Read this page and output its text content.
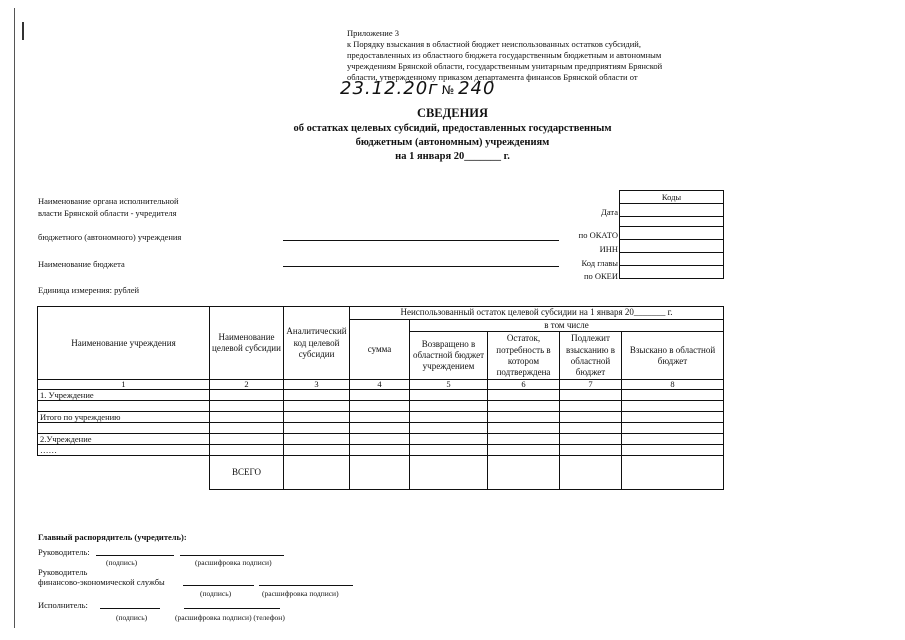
Приложение 3
к Порядку взыскания в областной бюджет неиспользованных остатков субсидий,
предоставленных из областного бюджета государственным бюджетным и автономным
учреждениям Брянской области, государственным унитарным предприятиям Брянской
области, утвержденному приказом департамента финансов Брянской области от
23.12.20г № 240
СВЕДЕНИЯ
об остатках целевых субсидий, предоставленных государственным
бюджетным (автономным) учреждениям
на 1 января 20_______ г.
Наименование органа исполнительной
власти Брянской области - учредителя
бюджетного (автономного) учреждения
Наименование бюджета
Единица измерения: рублей
Дата
по ОКАТО
ИНН
Код главы
по ОКЕИ
Коды

Наименование учреждения	Наименование целевой субсидии	Аналитический код целевой субсидии	Неиспользованный остаток целевой субсидии на 1 января 20_______ г.				
			сумма	в том числе			
				Возвращено в областной бюджет учреждением	Остаток, потребность в котором подтверждена	Подлежит взысканию в областной бюджет	Взыскано в областной бюджет
1	2	3	4	5	6	7	8
1. Учреждение							

Итого по учреждению							

2.Учреждение							
……							
	ВСЕГО						
Главный распорядитель (учредитель):
Руководитель:
(подпись)	(расшифровка подписи)
Руководитель
финансово-экономической службы
(подпись)	(расшифровка подписи)
Исполнитель:
(подпись)	(расшифровка подписи) (телефон)
